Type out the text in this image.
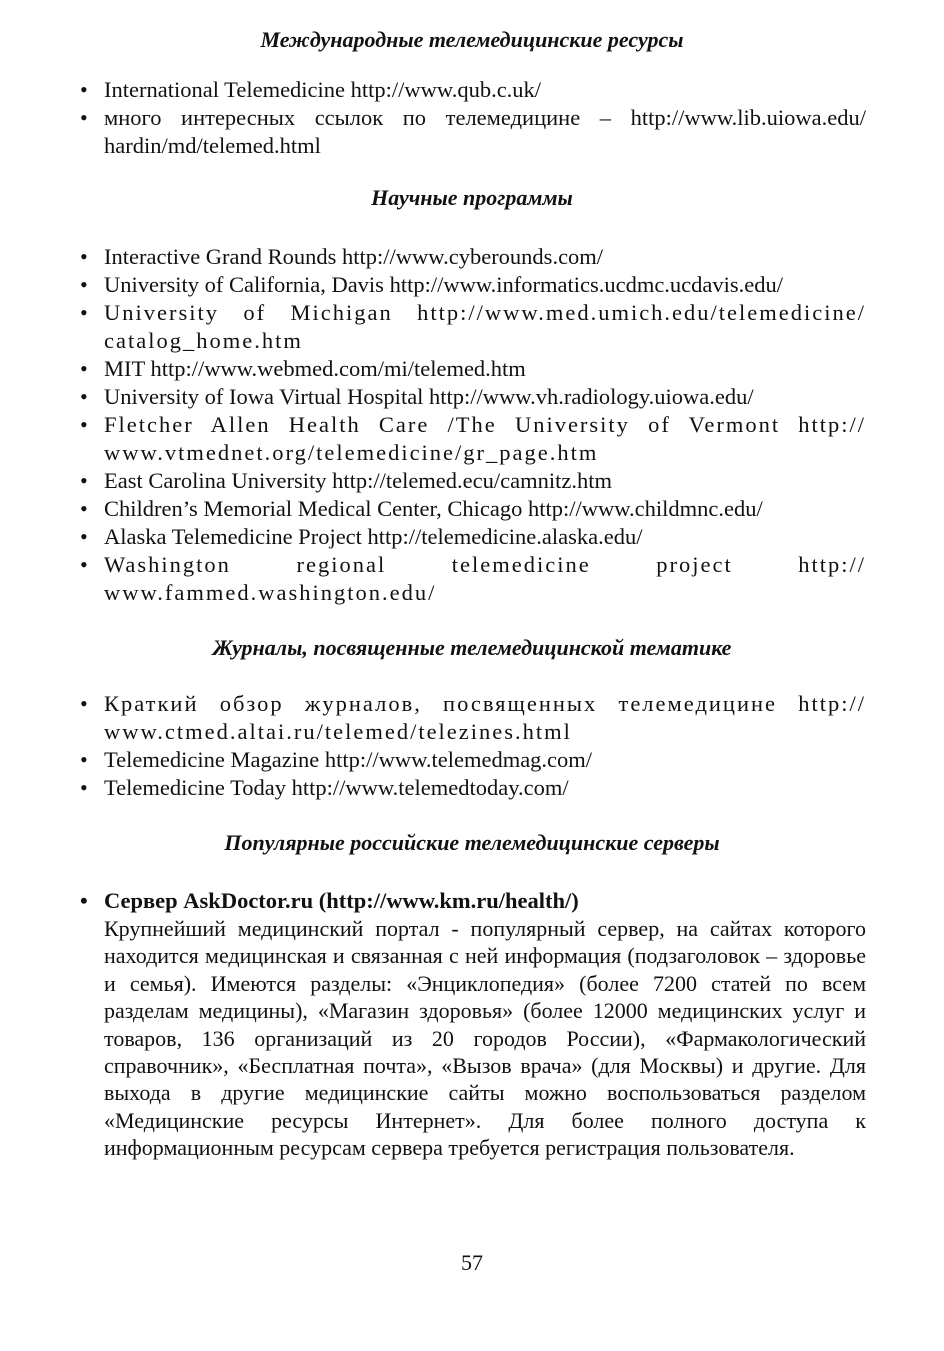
Международные телемедицинские ресурсы
• International Telemedicine http://www.qub.c.uk/
• много интересных ссылок по телемедицине – http://www.lib.uiowa.edu/ hardin/md/telemed.html
Научные программы
• Interactive Grand Rounds http://www.cyberounds.com/
• University of California, Davis http://www.informatics.ucdmc.ucdavis.edu/
• University of Michigan http://www.med.umich.edu/telemedicine/ catalog_home.htm
• MIT http://www.webmed.com/mi/telemed.htm
• University of Iowa Virtual Hospital http://www.vh.radiology.uiowa.edu/
• Fletcher Allen Health Care /The University of Vermont http:// www.vtmednet.org/telemedicine/gr_page.htm
• East Carolina University http://telemed.ecu/camnitz.htm
• Children’s Memorial Medical Center, Chicago http://www.childmnc.edu/
• Alaska Telemedicine Project http://telemedicine.alaska.edu/
• Washington regional telemedicine project http:// www.fammed.washington.edu/
Журналы, посвященные телемедицинской тематике
• Краткий обзор журналов, посвященных телемедицине http:// www.ctmed.altai.ru/telemed/telezines.html
• Telemedicine Magazine http://www.telemedmag.com/
• Telemedicine Today http://www.telemedtoday.com/
Популярные российские телемедицинские серверы
• Сервер AskDoctor.ru (http://www.km.ru/health/)

Крупнейший медицинский портал - популярный сервер, на сайтах которого находится медицинская и связанная с ней информация (подзаголовок – здоровье и семья). Имеются разделы: «Энциклопедия» (более 7200 статей по всем разделам медицины), «Магазин здоровья» (более 12000 медицинских услуг и товаров, 136 организаций из 20 городов России), «Фармакологический справочник», «Бесплатная почта», «Вызов врача» (для Москвы) и другие. Для выхода в другие медицинские сайты можно воспользоваться разделом «Медицинские ресурсы Интернет». Для более полного доступа к информационным ресурсам сервера требуется регистрация пользователя.

57
